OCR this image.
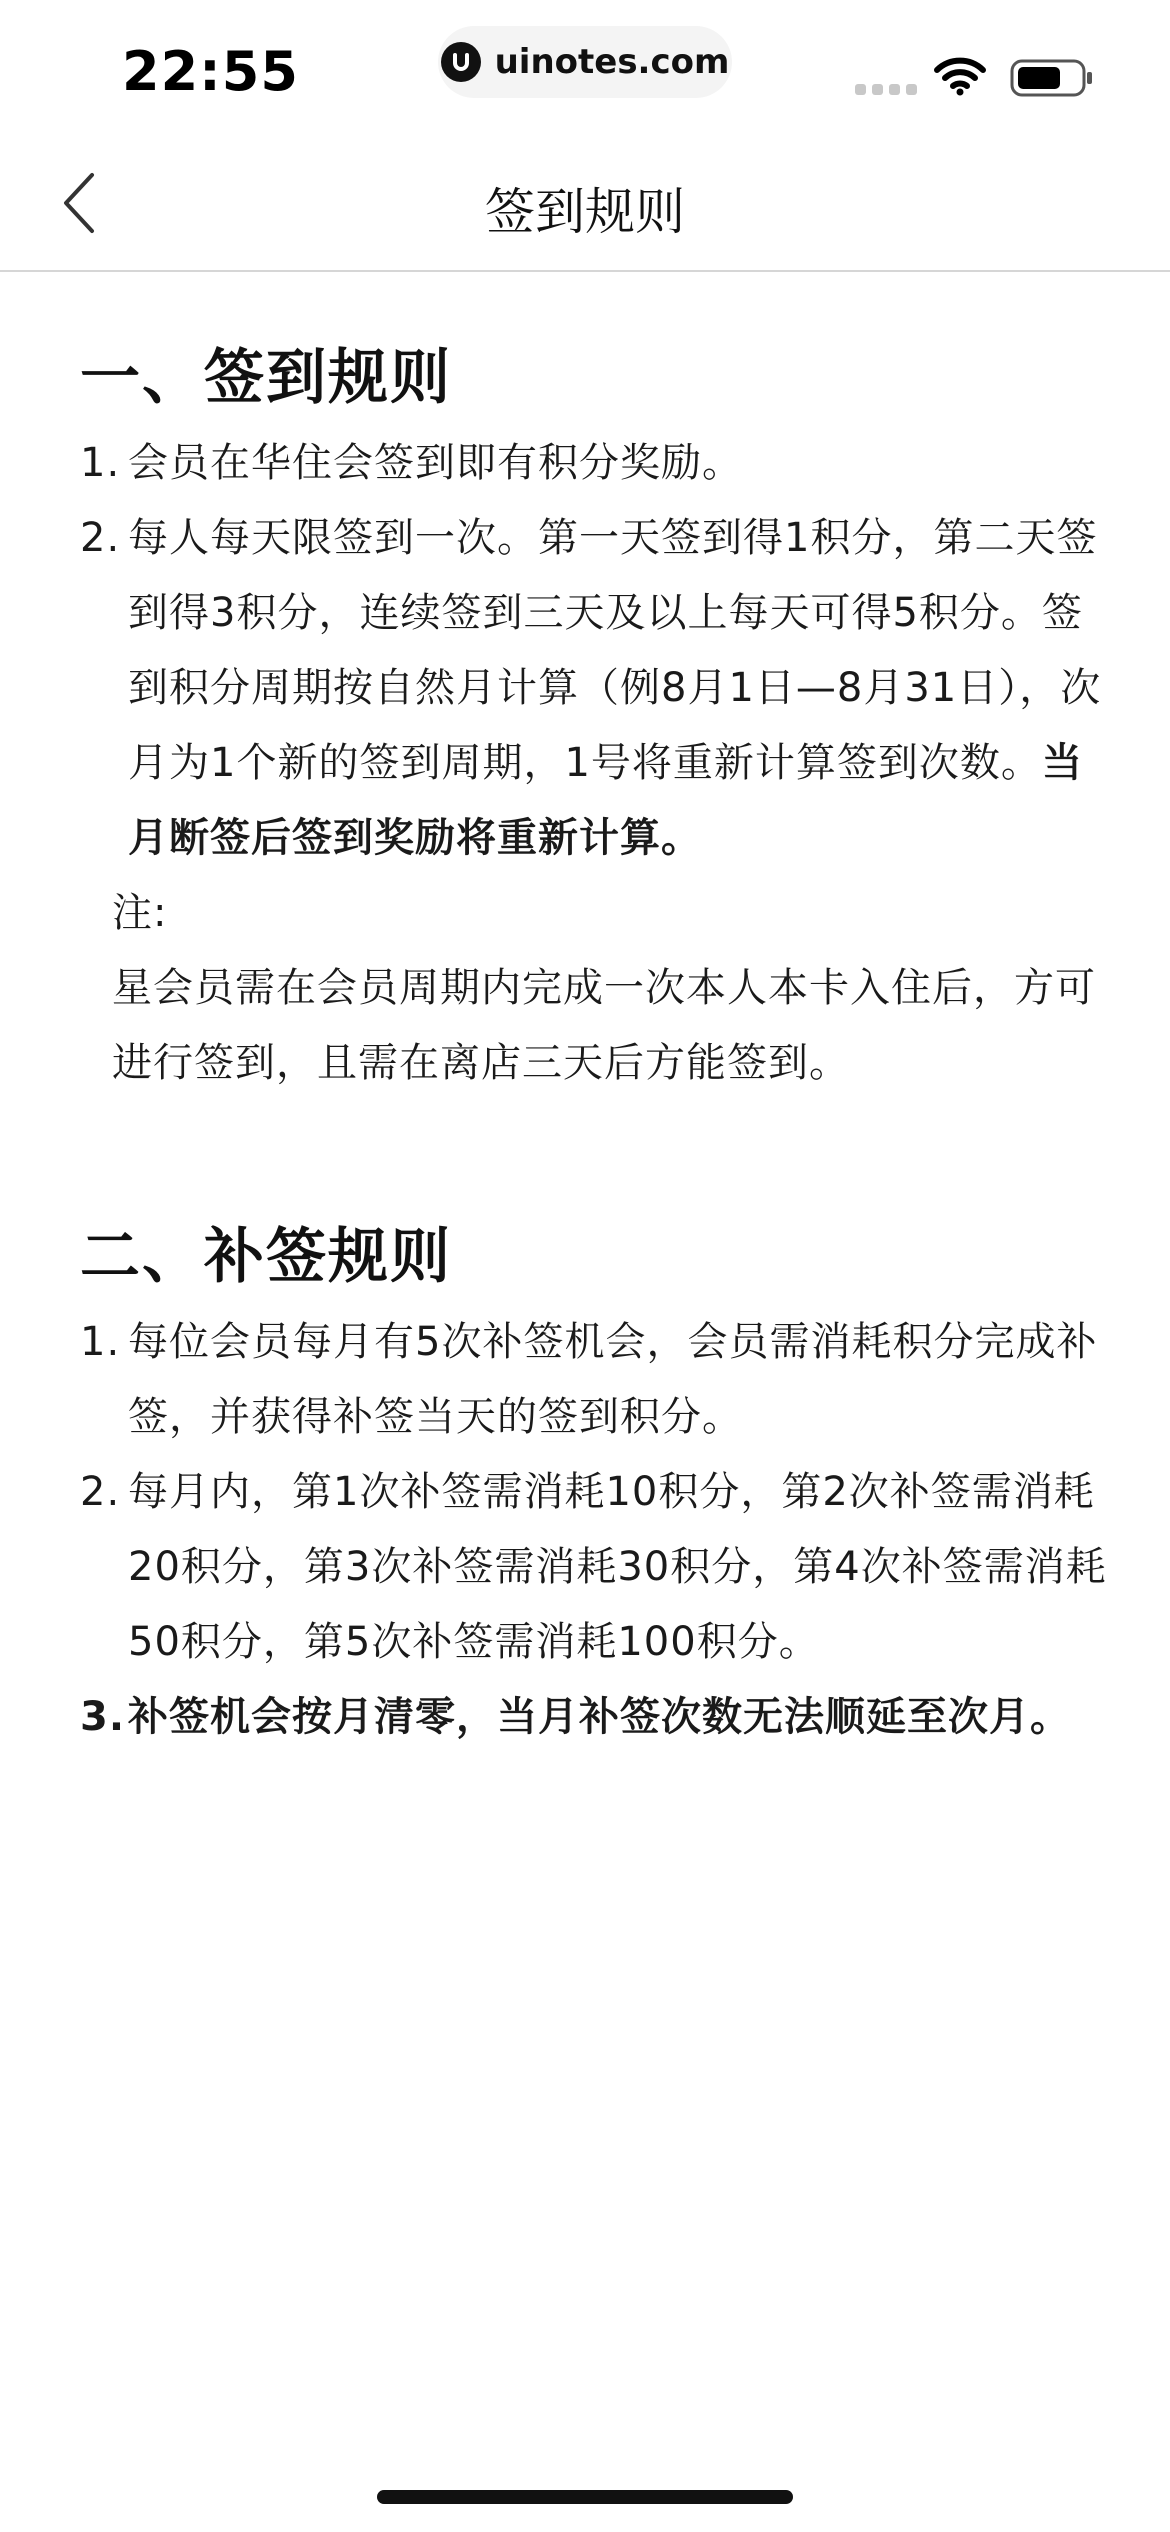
22:55	uinotes.com
签到规则
一、签到规则
1. 会员在华住会签到即有积分奖励。
2. 每人每天限签到一次。第一天签到得1积分，第二天签到得3积分，连续签到三天及以上每天可得5积分。签到积分周期按自然月计算（例8月1日—8月31日），次月为1个新的签到周期，1号将重新计算签到次数。当月断签后签到奖励将重新计算。
注:
星会员需在会员周期内完成一次本人本卡入住后，方可进行签到，且需在离店三天后方能签到。
二、补签规则
1. 每位会员每月有5次补签机会，会员需消耗积分完成补签，并获得补签当天的签到积分。
2. 每月内，第1次补签需消耗10积分，第2次补签需消耗20积分，第3次补签需消耗30积分，第4次补签需消耗50积分，第5次补签需消耗100积分。
3. 补签机会按月清零，当月补签次数无法顺延至次月。
